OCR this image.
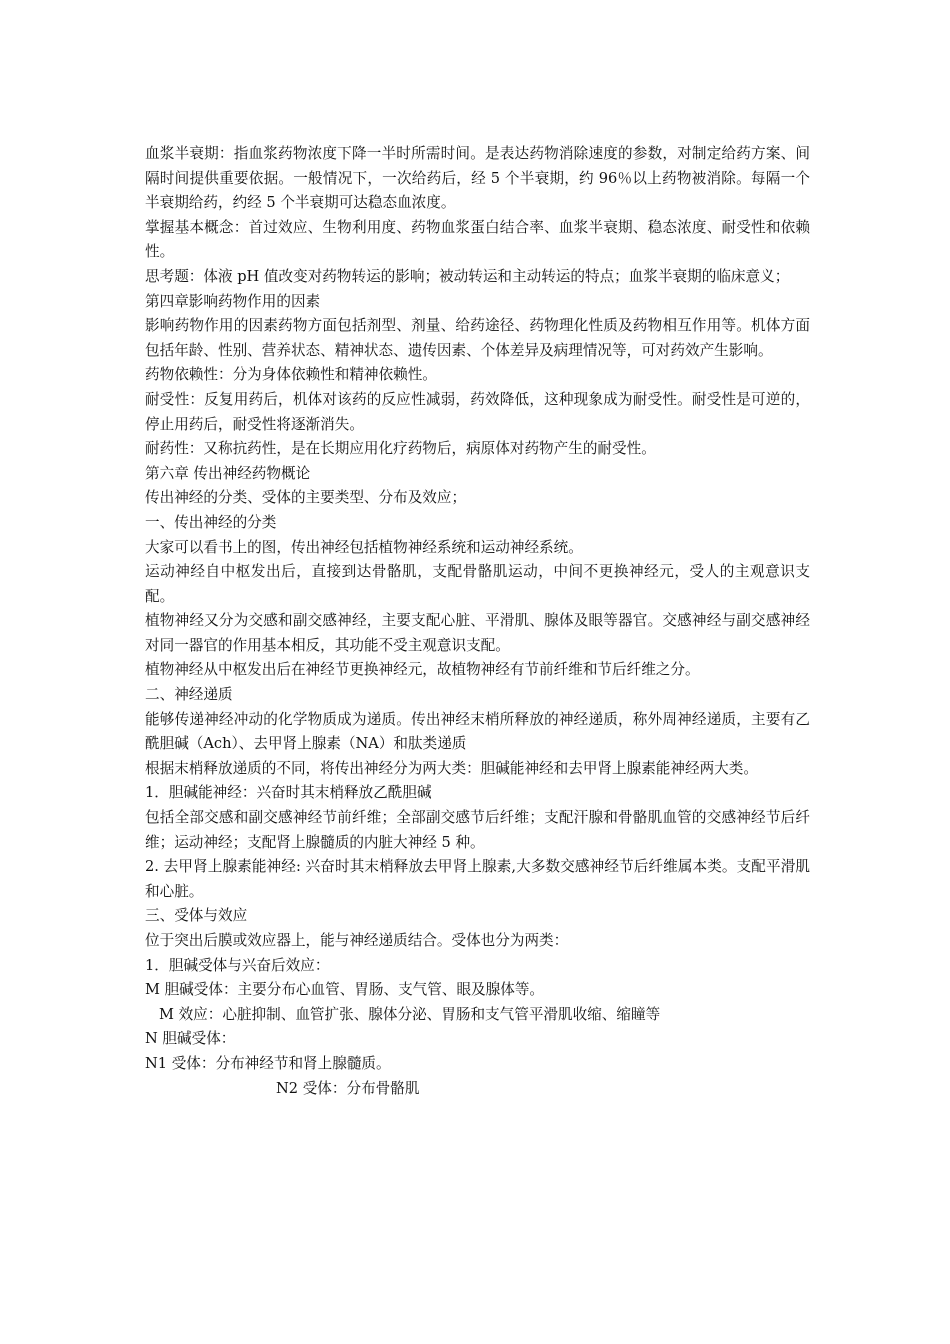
血浆半衰期：指血浆药物浓度下降一半时所需时间。是表达药物消除速度的参数，对制定给药方案、间隔时间提供重要依据。一般情况下，一次给药后，经 5 个半衰期，约 96％以上药物被消除。每隔一个半衰期给药，约经 5 个半衰期可达稳态血浓度。

掌握基本概念：首过效应、生物利用度、药物血浆蛋白结合率、血浆半衰期、稳态浓度、耐受性和依赖性。

思考题：体液 pH 值改变对药物转运的影响；被动转运和主动转运的特点；血浆半衰期的临床意义；

第四章影响药物作用的因素

影响药物作用的因素药物方面包括剂型、剂量、给药途径、药物理化性质及药物相互作用等。机体方面包括年龄、性别、营养状态、精神状态、遗传因素、个体差异及病理情况等，可对药效产生影响。

药物依赖性：分为身体依赖性和精神依赖性。

耐受性：反复用药后，机体对该药的反应性减弱，药效降低，这种现象成为耐受性。耐受性是可逆的，停止用药后，耐受性将逐渐消失。

耐药性：又称抗药性，是在长期应用化疗药物后，病原体对药物产生的耐受性。

第六章 传出神经药物概论

传出神经的分类、受体的主要类型、分布及效应；

一、传出神经的分类

大家可以看书上的图，传出神经包括植物神经系统和运动神经系统。

运动神经自中枢发出后，直接到达骨骼肌，支配骨骼肌运动，中间不更换神经元，受人的主观意识支配。

植物神经又分为交感和副交感神经，主要支配心脏、平滑肌、腺体及眼等器官。交感神经与副交感神经对同一器官的作用基本相反，其功能不受主观意识支配。

植物神经从中枢发出后在神经节更换神经元，故植物神经有节前纤维和节后纤维之分。

二、神经递质

能够传递神经冲动的化学物质成为递质。传出神经末梢所释放的神经递质，称外周神经递质，主要有乙酰胆碱（Ach）、去甲肾上腺素（NA）和肽类递质

根据末梢释放递质的不同，将传出神经分为两大类：胆碱能神经和去甲肾上腺素能神经两大类。

1．胆碱能神经：兴奋时其末梢释放乙酰胆碱

包括全部交感和副交感神经节前纤维；全部副交感节后纤维；支配汗腺和骨骼肌血管的交感神经节后纤维；运动神经；支配肾上腺髓质的内脏大神经 5 种。

2. 去甲肾上腺素能神经: 兴奋时其末梢释放去甲肾上腺素,大多数交感神经节后纤维属本类。支配平滑肌和心脏。

三、受体与效应

位于突出后膜或效应器上，能与神经递质结合。受体也分为两类：

1．胆碱受体与兴奋后效应：

M 胆碱受体：主要分布心血管、胃肠、支气管、眼及腺体等。

M 效应：心脏抑制、血管扩张、腺体分泌、胃肠和支气管平滑肌收缩、缩瞳等

N 胆碱受体：

N1 受体：分布神经节和肾上腺髓质。

N2 受体：分布骨骼肌
